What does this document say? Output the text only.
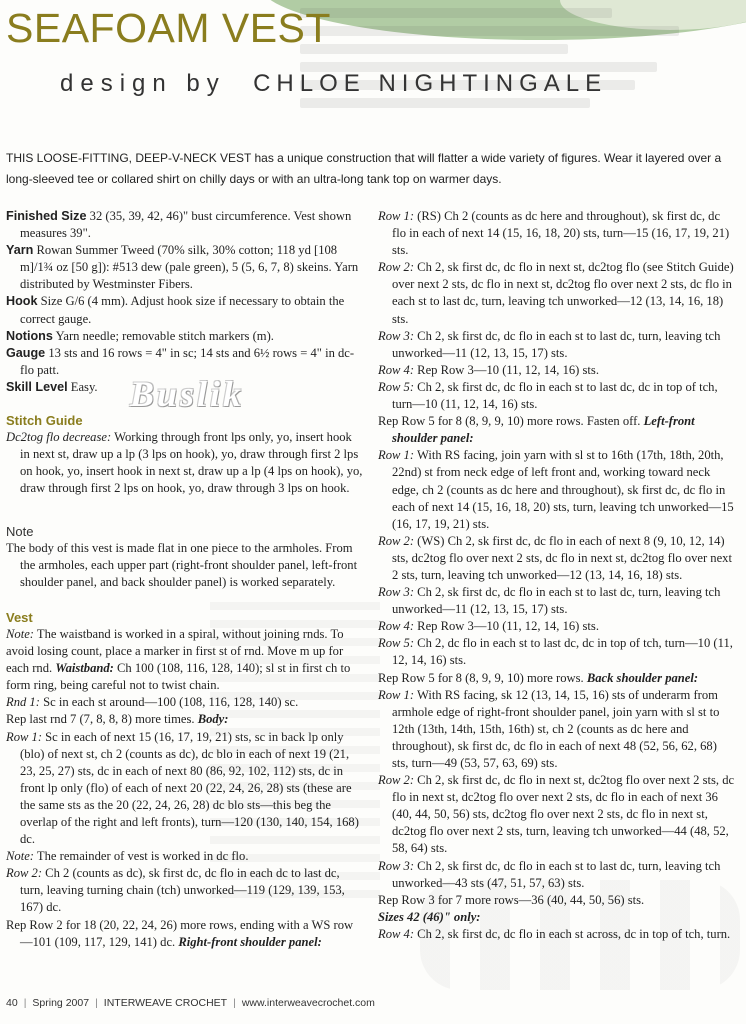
SEAFOAM VEST
design by CHLOE NIGHTINGALE
THIS LOOSE-FITTING, DEEP-V-NECK VEST has a unique construction that will flatter a wide variety of figures. Wear it layered over a long-sleeved tee or collared shirt on chilly days or with an ultra-long tank top on warmer days.

Finished Size 32 (35, 39, 42, 46)" bust circumference. Vest shown measures 39".

Yarn Rowan Summer Tweed (70% silk, 30% cotton; 118 yd [108 m]/1¾ oz [50 g]): #513 dew (pale green), 5 (5, 6, 7, 8) skeins. Yarn distributed by Westminster Fibers.

Hook Size G/6 (4 mm). Adjust hook size if necessary to obtain the correct gauge.

Notions Yarn needle; removable stitch markers (m).

Gauge 13 sts and 16 rows = 4" in sc; 14 sts and 6½ rows = 4" in dc-flo patt.

Skill Level Easy.

Stitch Guide

Dc2tog flo decrease: Working through front lps only, yo, insert hook in next st, draw up a lp (3 lps on hook), yo, draw through first 2 lps on hook, yo, insert hook in next st, draw up a lp (4 lps on hook), yo, draw through first 2 lps on hook, yo, draw through 3 lps on hook.

Note

The body of this vest is made flat in one piece to the armholes. From the armholes, each upper part (right-front shoulder panel, left-front shoulder panel, and back shoulder panel) is worked separately.

Vest

Note: The waistband is worked in a spiral, without joining rnds. To avoid losing count, place a marker in first st of rnd. Move m up for each rnd. Waistband: Ch 100 (108, 116, 128, 140); sl st in first ch to form ring, being careful not to twist chain.

Rnd 1: Sc in each st around—100 (108, 116, 128, 140) sc.

Rep last rnd 7 (7, 8, 8, 8) more times. Body:

Row 1: Sc in each of next 15 (16, 17, 19, 21) sts, sc in back lp only (blo) of next st, ch 2 (counts as dc), dc blo in each of next 19 (21, 23, 25, 27) sts, dc in each of next 80 (86, 92, 102, 112) sts, dc in front lp only (flo) of each of next 20 (22, 24, 26, 28) sts (these are the same sts as the 20 (22, 24, 26, 28) dc blo sts—this beg the overlap of the right and left fronts), turn—120 (130, 140, 154, 168) dc.

Note: The remainder of vest is worked in dc flo.

Row 2: Ch 2 (counts as dc), sk first dc, dc flo in each dc to last dc, turn, leaving turning chain (tch) unworked—119 (129, 139, 153, 167) dc.

Rep Row 2 for 18 (20, 22, 24, 26) more rows, ending with a WS row—101 (109, 117, 129, 141) dc. Right-front shoulder panel:

Buslik

Row 1: (RS) Ch 2 (counts as dc here and throughout), sk first dc, dc flo in each of next 14 (15, 16, 18, 20) sts, turn—15 (16, 17, 19, 21) sts.

Row 2: Ch 2, sk first dc, dc flo in next st, dc2tog flo (see Stitch Guide) over next 2 sts, dc flo in next st, dc2tog flo over next 2 sts, dc flo in each st to last dc, turn, leaving tch unworked—12 (13, 14, 16, 18) sts.

Row 3: Ch 2, sk first dc, dc flo in each st to last dc, turn, leaving tch unworked—11 (12, 13, 15, 17) sts.

Row 4: Rep Row 3—10 (11, 12, 14, 16) sts.

Row 5: Ch 2, sk first dc, dc flo in each st to last dc, dc in top of tch, turn—10 (11, 12, 14, 16) sts.

Rep Row 5 for 8 (8, 9, 9, 10) more rows. Fasten off. Left-front shoulder panel:

Row 1: With RS facing, join yarn with sl st to 16th (17th, 18th, 20th, 22nd) st from neck edge of left front and, working toward neck edge, ch 2 (counts as dc here and throughout), sk first dc, dc flo in each of next 14 (15, 16, 18, 20) sts, turn, leaving tch unworked—15 (16, 17, 19, 21) sts.

Row 2: (WS) Ch 2, sk first dc, dc flo in each of next 8 (9, 10, 12, 14) sts, dc2tog flo over next 2 sts, dc flo in next st, dc2tog flo over next 2 sts, turn, leaving tch unworked—12 (13, 14, 16, 18) sts.

Row 3: Ch 2, sk first dc, dc flo in each st to last dc, turn, leaving tch unworked—11 (12, 13, 15, 17) sts.

Row 4: Rep Row 3—10 (11, 12, 14, 16) sts.

Row 5: Ch 2, dc flo in each st to last dc, dc in top of tch, turn—10 (11, 12, 14, 16) sts.

Rep Row 5 for 8 (8, 9, 9, 10) more rows. Back shoulder panel:

Row 1: With RS facing, sk 12 (13, 14, 15, 16) sts of underarm from armhole edge of right-front shoulder panel, join yarn with sl st to 12th (13th, 14th, 15th, 16th) st, ch 2 (counts as dc here and throughout), sk first dc, dc flo in each of next 48 (52, 56, 62, 68) sts, turn—49 (53, 57, 63, 69) sts.

Row 2: Ch 2, sk first dc, dc flo in next st, dc2tog flo over next 2 sts, dc flo in next st, dc2tog flo over next 2 sts, dc flo in each of next 36 (40, 44, 50, 56) sts, dc2tog flo over next 2 sts, dc flo in next st, dc2tog flo over next 2 sts, turn, leaving tch unworked—44 (48, 52, 58, 64) sts.

Row 3: Ch 2, sk first dc, dc flo in each st to last dc, turn, leaving tch unworked—43 sts (47, 51, 57, 63) sts.

Rep Row 3 for 7 more rows—36 (40, 44, 50, 56) sts.

Sizes 42 (46)" only:

Row 4: Ch 2, sk first dc, dc flo in each st across, dc in top of tch, turn.

40 | Spring 2007 | INTERWEAVE CROCHET | www.interweavecrochet.com
